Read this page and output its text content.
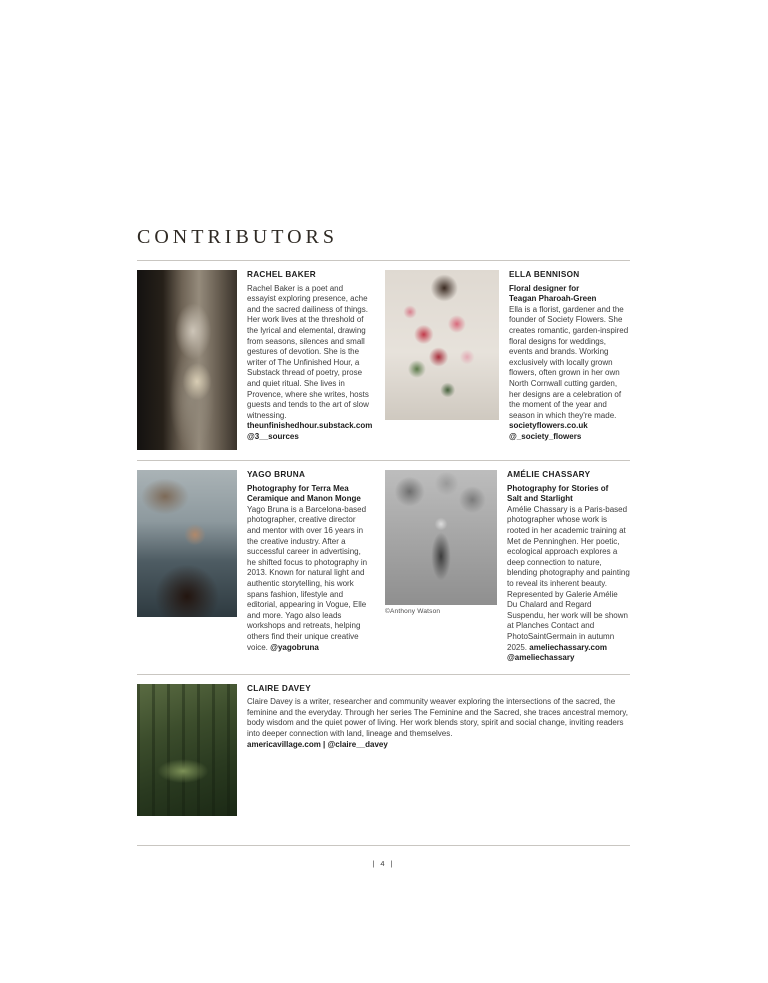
CONTRIBUTORS
RACHEL BAKER

Rachel Baker is a poet and essayist exploring presence, ache and the sacred dailiness of things. Her work lives at the threshold of the lyrical and elemental, drawing from seasons, silences and small gestures of devotion. She is the writer of The Unfinished Hour, a Substack thread of poetry, prose and quiet ritual. She lives in Provence, where she writes, hosts guests and tends to the art of slow witnessing.

theunfinishedhour.substack.com
@3__sources
ELLA BENNISON
Floral designer for
Teagan Pharoah-Green

Ella is a florist, gardener and the founder of Society Flowers. She creates romantic, garden-inspired floral designs for weddings, events and brands. Working exclusively with locally grown flowers, often grown in her own North Cornwall cutting garden, her designs are a celebration of the moment of the year and season in which they're made.

societyflowers.co.uk
@_society_flowers
YAGO BRUNA
Photography for Terra Mea
Ceramique and Manon Monge

Yago Bruna is a Barcelona-based photographer, creative director and mentor with over 16 years in the creative industry. After a successful career in advertising, he shifted focus to photography in 2013. Known for natural light and authentic storytelling, his work spans fashion, lifestyle and editorial, appearing in Vogue, Elle and more. Yago also leads workshops and retreats, helping others find their unique creative voice. @yagobruna

©Anthony Watson
AMÉLIE CHASSARY
Photography for Stories of
Salt and Starlight

Amélie Chassary is a Paris-based photographer whose work is rooted in her academic training at Met de Penninghen. Her poetic, ecological approach explores a deep connection to nature, blending photography and painting to reveal its inherent beauty. Represented by Galerie Amélie Du Chalard and Regard Suspendu, her work will be shown at Planches Contact and PhotoSaintGermain in autumn 2025. ameliechassary.com

@ameliechassary
CLAIRE DAVEY

Claire Davey is a writer, researcher and community weaver exploring the intersections of the sacred, the feminine and the everyday. Through her series The Feminine and the Sacred, she traces ancestral memory, body wisdom and the quiet power of living. Her work blends story, spirit and social change, inviting readers into deeper connection with land, lineage and themselves.

americavillage.com | @claire__davey
| 4 |
